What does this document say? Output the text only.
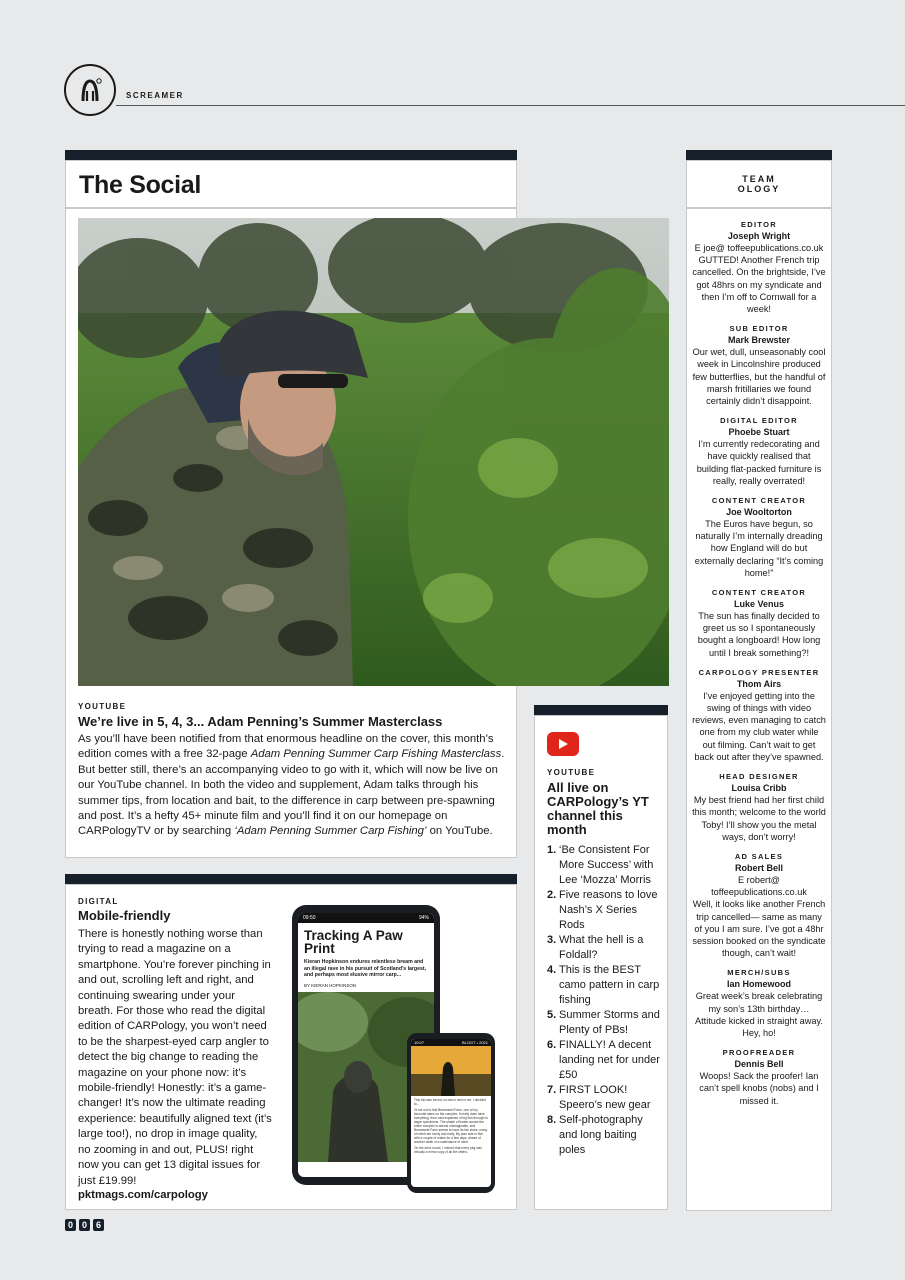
SCREAMER
The Social
YOUTUBE
We’re live in 5, 4, 3... Adam Penning’s Summer Masterclass

As you’ll have been notified from that enormous headline on the cover, this month’s edition comes with a free 32-page Adam Penning Summer Carp Fishing Masterclass. But better still, there’s an accompanying video to go with it, which will now be live on our YouTube channel. In both the video and supplement, Adam talks through his summer tips, from location and bait, to the difference in carp between pre-spawning and post. It’s a hefty 45+ minute film and you’ll find it on our homepage on CARPologyTV or by searching ‘Adam Penning Summer Carp Fishing’ on YouTube.

DIGITAL
Mobile-friendly

There is honestly nothing worse than trying to read a magazine on a smartphone. You’re forever pinching in and out, scrolling left and right, and continuing swearing under your breath. For those who read the digital edition of CARPology, you won’t need to be the sharpest-eyed carp angler to detect the big change to reading the magazine on your phone now: it’s mobile-friendly! Honestly: it’s a game-changer! It’s now the ultimate reading experience: beautifully aligned text (it’s large too!), no drop in image quality, no zooming in and out, PLUS! right now you can get 13 digital issues for just £19.99!

pktmags.com/carpology
09:50	94%
Tracking A Paw Print
Kieran Hopkinson endures relentless bream and an illegal rave in his pursuit of Scotland’s largest, and perhaps most elusive mirror carp...
BY KIERAN HOPKINSON
◀	●
10:07	BLOGT • 2021
This trip was forced, so lots is new in me. I decided to...
I'd set out to find Breamsnet Farm, one of my favourite lakes on the complex. It really does have everything, from vast expanses of big fish through to larger specimens. The shade of timber across the entire complex is almost unimaginable, and Breamsnet Farm seems to have its fair share, many of which are lovely and early. My plan was to fish with a couple of mates for a few days, ahead of another week of a sustenance of mine.
On the drive round, I noticed that every peg was virtually a mirror copy of all the others.
YOUTUBE
All live on CARPology’s YT channel this month
1. ‘Be Consistent For More Success’ with Lee ‘Mozza’ Morris
2. Five reasons to love Nash’s X Series Rods
3. What the hell is a Foldall?
4. This is the BEST camo pattern in carp fishing
5. Summer Storms and Plenty of PBs!
6. FINALLY! A decent landing net for under £50
7. FIRST LOOK! Speero’s new gear
8. Self-photography and long baiting poles
TEAM
OLOGY
EDITOR
Joseph Wright
E joe@ toffeepublications.co.uk
GUTTED! Another French trip cancelled. On the brightside, I’ve got 48hrs on my syndicate and then I’m off to Cornwall for a week!
SUB EDITOR
Mark Brewster
Our wet, dull, unseasonably cool week in Lincolnshire produced few butterflies, but the handful of marsh fritillaries we found certainly didn’t disappoint.
DIGITAL EDITOR
Phoebe Stuart
I’m currently redecorating and have quickly realised that building flat-packed furniture is really, really overrated!
CONTENT CREATOR
Joe Wooltorton
The Euros have begun, so naturally I’m internally dreading how England will do but externally declaring “It’s coming home!”
CONTENT CREATOR
Luke Venus
The sun has finally decided to greet us so I spontaneously bought a longboard! How long until I break something?!
CARPOLOGY PRESENTER
Thom Airs
I’ve enjoyed getting into the swing of things with video reviews, even managing to catch one from my club water while out filming. Can’t wait to get back out after they’ve spawned.
HEAD DESIGNER
Louisa Cribb
My best friend had her first child this month; welcome to the world Toby! I’ll show you the metal ways, don’t worry!
AD SALES
Robert Bell
E robert@ toffeepublications.co.uk
Well, it looks like another French trip cancelled— same as many of you I am sure. I’ve got a 48hr session booked on the syndicate though, can’t wait!
MERCH/SUBS
Ian Homewood
Great week’s break celebrating my son’s 13th birthday… Attitude kicked in straight away. Hey, ho!
PROOFREADER
Dennis Bell
Woops! Sack the proofer! Ian can’t spell knobs (nobs) and I missed it.
0 0 6
